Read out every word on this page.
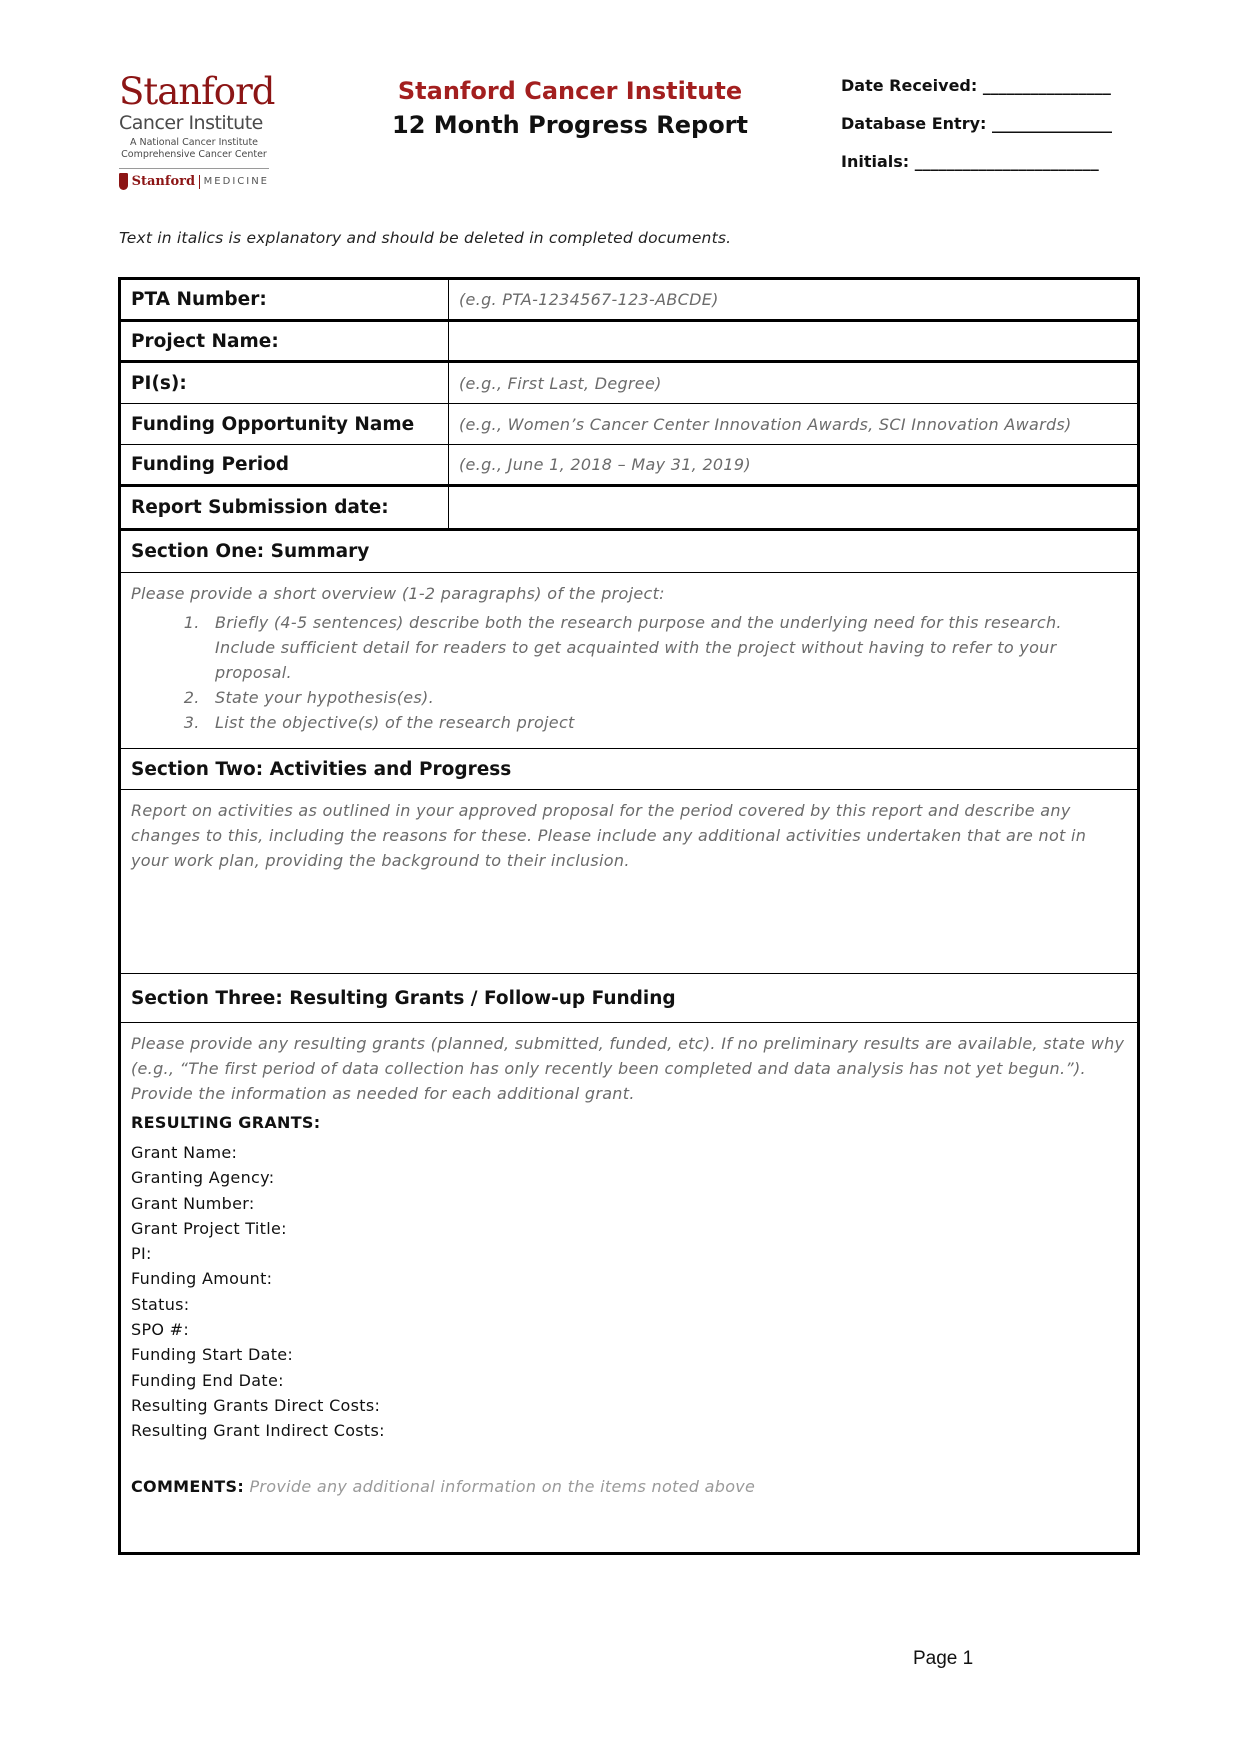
Stanford
Cancer Institute
A National Cancer Institute
Comprehensive Cancer Center
Stanford MEDICINE
Stanford Cancer Institute
12 Month Progress Report
Date Received: ________________
Database Entry: _______________
Initials: _______________________
Text in italics is explanatory and should be deleted in completed documents.
PTA Number:	(e.g. PTA-1234567-123-ABCDE)
Project Name:
PI(s):	(e.g., First Last, Degree)
Funding Opportunity Name	(e.g., Women’s Cancer Center Innovation Awards, SCI Innovation Awards)
Funding Period	(e.g., June 1, 2018 – May 31, 2019)
Report Submission date:
Section One: Summary
Please provide a short overview (1-2 paragraphs) of the project:
1. Briefly (4-5 sentences) describe both the research purpose and the underlying need for this research. Include sufficient detail for readers to get acquainted with the project without having to refer to your proposal.
2. State your hypothesis(es).
3. List the objective(s) of the research project
Section Two: Activities and Progress
Report on activities as outlined in your approved proposal for the period covered by this report and describe any changes to this, including the reasons for these. Please include any additional activities undertaken that are not in your work plan, providing the background to their inclusion.
Section Three: Resulting Grants / Follow-up Funding
Please provide any resulting grants (planned, submitted, funded, etc). If no preliminary results are available, state why (e.g., “The first period of data collection has only recently been completed and data analysis has not yet begun.”). Provide the information as needed for each additional grant.
RESULTING GRANTS:
Grant Name:
Granting Agency:
Grant Number:
Grant Project Title:
PI:
Funding Amount:
Status:
SPO #:
Funding Start Date:
Funding End Date:
Resulting Grants Direct Costs:
Resulting Grant Indirect Costs:
COMMENTS: Provide any additional information on the items noted above
Page 1
